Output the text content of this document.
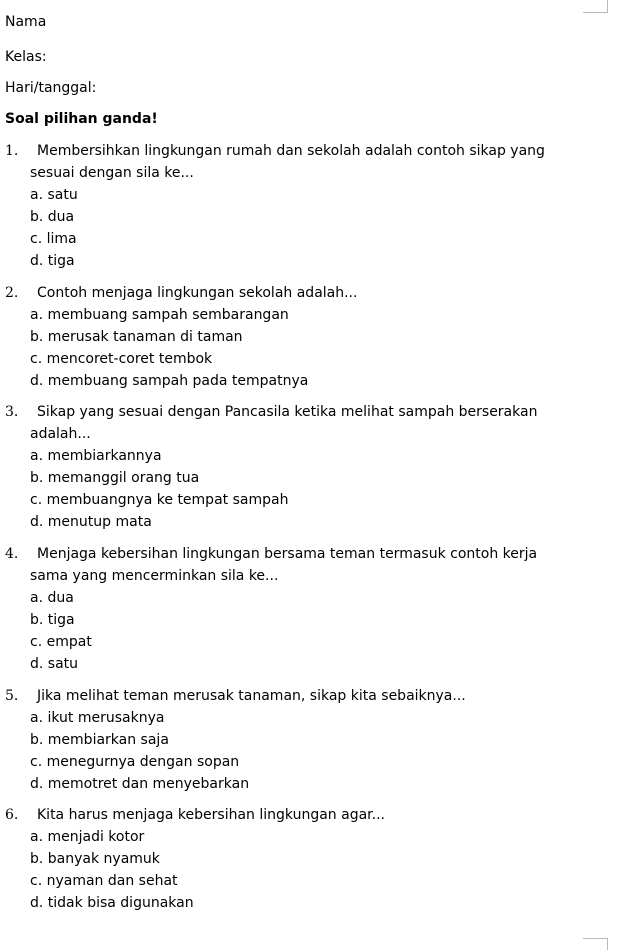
Nama
Kelas:
Hari/tanggal:
Soal pilihan ganda!
1. Membersihkan lingkungan rumah dan sekolah adalah contoh sikap yang
sesuai dengan sila ke...
a. satu
b. dua
c. lima
d. tiga
2. Contoh menjaga lingkungan sekolah adalah...
a. membuang sampah sembarangan
b. merusak tanaman di taman
c. mencoret-coret tembok
d. membuang sampah pada tempatnya
3. Sikap yang sesuai dengan Pancasila ketika melihat sampah berserakan
adalah...
a. membiarkannya
b. memanggil orang tua
c. membuangnya ke tempat sampah
d. menutup mata
4. Menjaga kebersihan lingkungan bersama teman termasuk contoh kerja
sama yang mencerminkan sila ke...
a. dua
b. tiga
c. empat
d. satu
5. Jika melihat teman merusak tanaman, sikap kita sebaiknya...
a. ikut merusaknya
b. membiarkan saja
c. menegurnya dengan sopan
d. memotret dan menyebarkan
6. Kita harus menjaga kebersihan lingkungan agar...
a. menjadi kotor
b. banyak nyamuk
c. nyaman dan sehat
d. tidak bisa digunakan
